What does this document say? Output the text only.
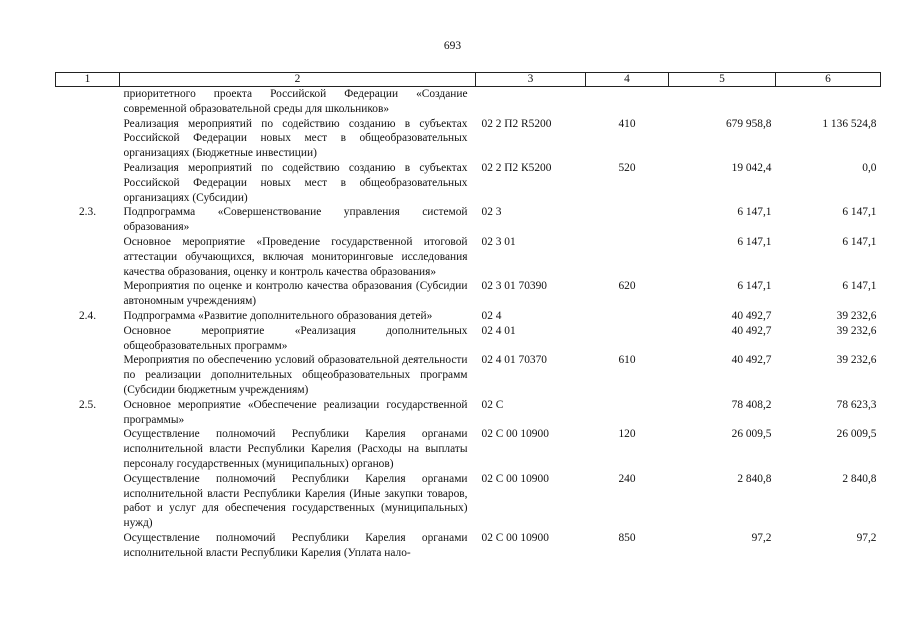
693
1	2	3	4	5	6
	приоритетного проекта Российской Федерации «Создание современной образовательной среды для школьников»				
	Реализация мероприятий по содействию созданию в субъектах Российской Федерации новых мест в общеобразовательных организациях (Бюджетные инвестиции)	02 2 П2 R5200	410	679 958,8	1 136 524,8
	Реализация мероприятий по содействию созданию в субъектах Российской Федерации новых мест в общеобразовательных организациях (Субсидии)	02 2 П2 К5200	520	19 042,4	0,0
2.3.	Подпрограмма «Совершенствование управления системой образования»	02 3		6 147,1	6 147,1
	Основное мероприятие «Проведение государственной итоговой аттестации обучающихся, включая мониторинговые исследования качества образования, оценку и контроль качества образования»	02 3 01		6 147,1	6 147,1
	Мероприятия по оценке и контролю качества образования (Субсидии автономным учреждениям)	02 3 01 70390	620	6 147,1	6 147,1
2.4.	Подпрограмма «Развитие дополнительного образования детей»	02 4		40 492,7	39 232,6
	Основное мероприятие «Реализация дополнительных общеобразовательных программ»	02 4 01		40 492,7	39 232,6
	Мероприятия по обеспечению условий образовательной деятельности по реализации дополнительных общеобразовательных программ (Субсидии бюджетным учреждениям)	02 4 01 70370	610	40 492,7	39 232,6
2.5.	Основное мероприятие «Обеспечение реализации государственной программы»	02 С		78 408,2	78 623,3
	Осуществление полномочий Республики Карелия органами исполнительной власти Республики Карелия (Расходы на выплаты персоналу государственных (муниципальных) органов)	02 С 00 10900	120	26 009,5	26 009,5
	Осуществление полномочий Республики Карелия органами исполнительной власти Республики Карелия (Иные закупки товаров, работ и услуг для обеспечения государственных (муниципальных) нужд)	02 С 00 10900	240	2 840,8	2 840,8
	Осуществление полномочий Республики Карелия органами исполнительной власти Республики Карелия (Уплата нало-	02 С 00 10900	850	97,2	97,2
